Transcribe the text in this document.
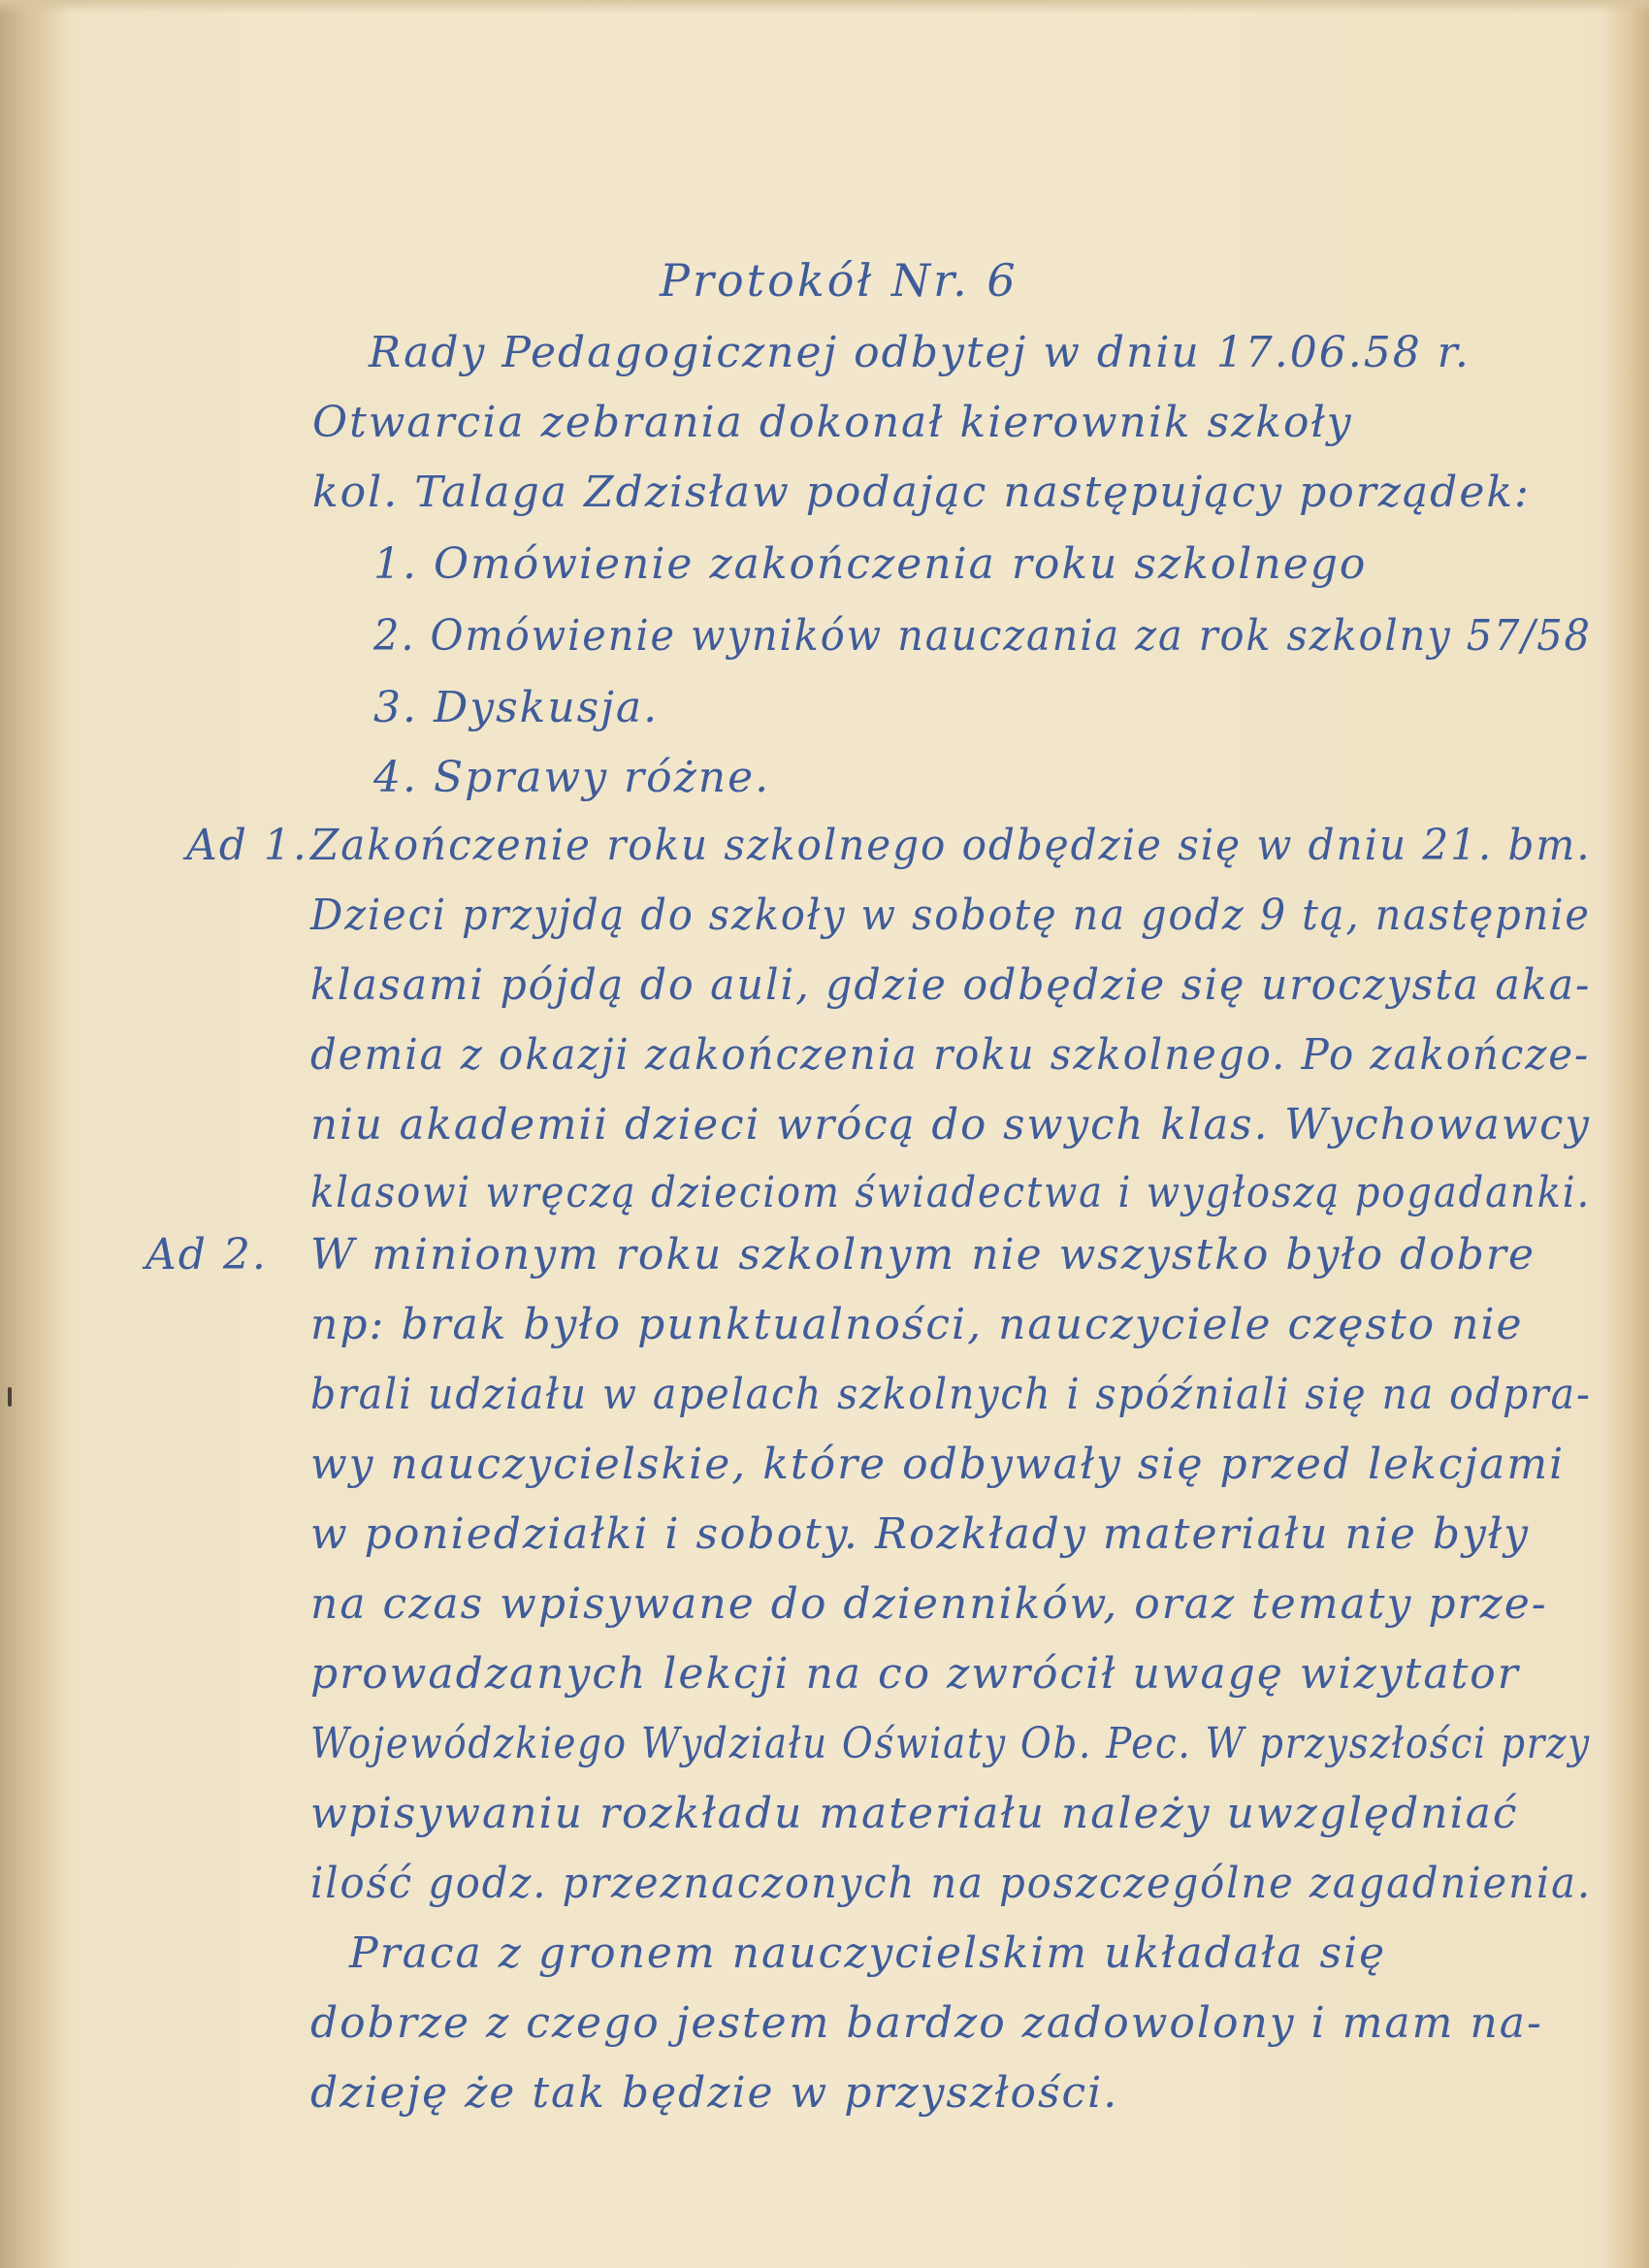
Protokół Nr. 6
Rady Pedagogicznej odbytej w dniu 17.06.58 r.
Otwarcia zebrania dokonał kierownik szkoły
kol. Talaga Zdzisław podając następujący porządek:
1. Omówienie zakończenia roku szkolnego
2. Omówienie wyników nauczania za rok szkolny 57/58
3. Dyskusja.
4. Sprawy różne.
Ad 1. Zakończenie roku szkolnego odbędzie się w dniu 21. bm.
Dzieci przyjdą do szkoły w sobotę na godz 9 tą, następnie
klasami pójdą do auli, gdzie odbędzie się uroczysta aka-
demia z okazji zakończenia roku szkolnego. Po zakończe-
niu akademii dzieci wrócą do swych klas. Wychowawcy
klasowi wręczą dzieciom świadectwa i wygłoszą pogadanki.
Ad 2. W minionym roku szkolnym nie wszystko było dobre
np: brak było punktualności, nauczyciele często nie
brali udziału w apelach szkolnych i spóźniali się na odpra-
wy nauczycielskie, które odbywały się przed lekcjami
w poniedziałki i soboty. Rozkłady materiału nie były
na czas wpisywane do dzienników, oraz tematy prze-
prowadzanych lekcji na co zwrócił uwagę wizytator
Wojewódzkiego Wydziału Oświaty Ob. Pec. W przyszłości przy
wpisywaniu rozkładu materiału należy uwzględniać
ilość godz. przeznaczonych na poszczególne zagadnienia.
Praca z gronem nauczycielskim układała się
dobrze z czego jestem bardzo zadowolony i mam na-
dzieję że tak będzie w przyszłości.
